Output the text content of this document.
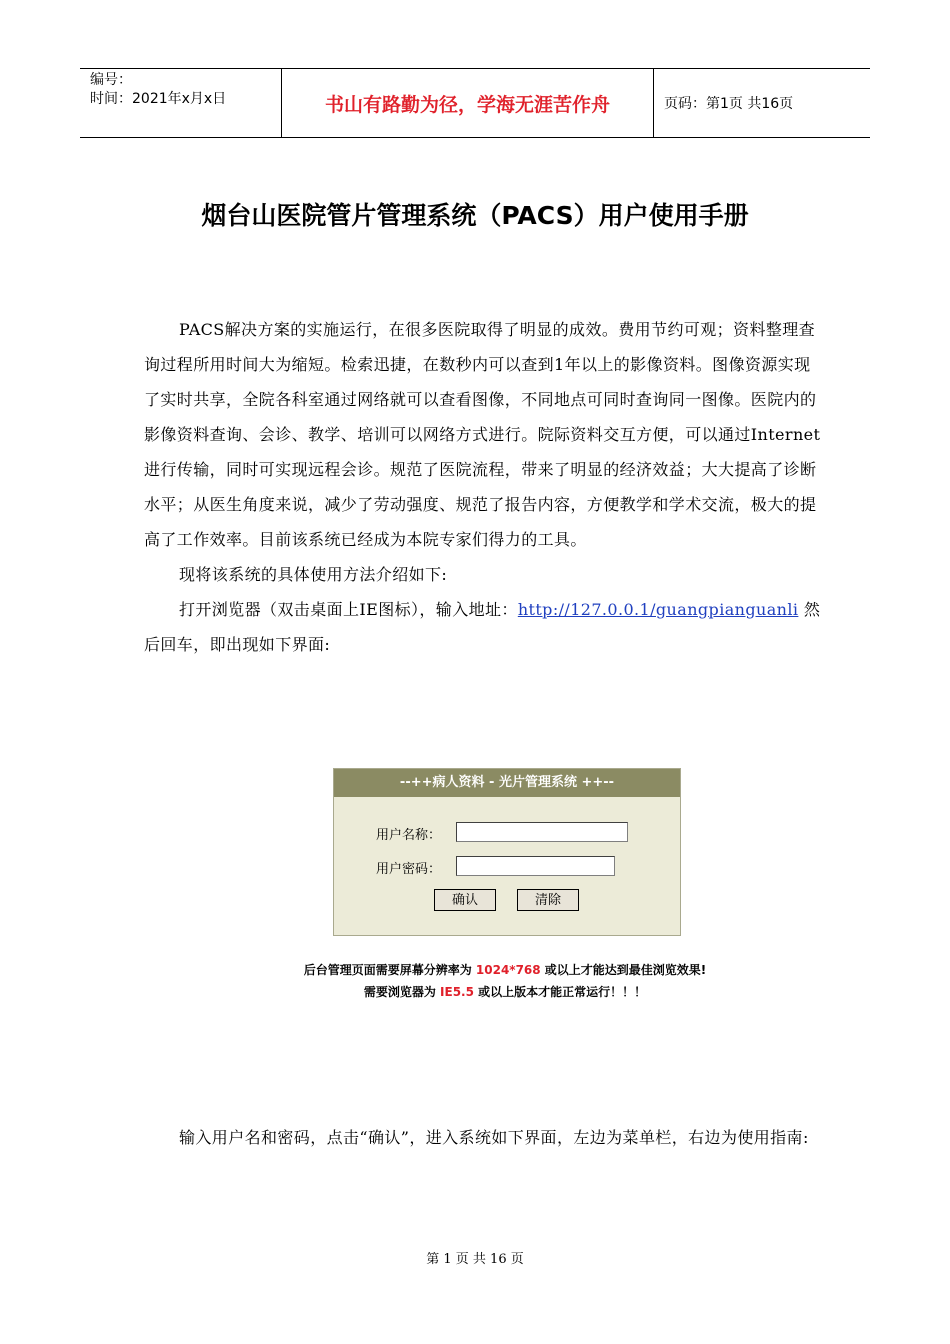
编号：
时间：2021年x月x日	书山有路勤为径，学海无涯苦作舟	页码：第1页 共16页
烟台山医院管片管理系统（PACS）用户使用手册

PACS解决方案的实施运行，在很多医院取得了明显的成效。费用节约可观；资料整理查询过程所用时间大为缩短。检索迅捷，在数秒内可以查到1年以上的影像资料。图像资源实现了实时共享，全院各科室通过网络就可以查看图像，不同地点可同时查询同一图像。医院内的影像资料查询、会诊、教学、培训可以网络方式进行。院际资料交互方便，可以通过Internet进行传输，同时可实现远程会诊。规范了医院流程，带来了明显的经济效益；大大提高了诊断水平；从医生角度来说，减少了劳动强度、规范了报告内容，方便教学和学术交流，极大的提高了工作效率。目前该系统已经成为本院专家们得力的工具。

现将该系统的具体使用方法介绍如下:

打开浏览器（双击桌面上IE图标），输入地址：http://127.0.0.1/guangpianguanli 然后回车，即出现如下界面:

--++病人资料 - 光片管理系统 ++--
用户名称：
用户密码：
确认	清除
后台管理页面需要屏幕分辨率为 1024*768 或以上才能达到最佳浏览效果!
需要浏览器为 IE5.5 或以上版本才能正常运行！！！

输入用户名和密码，点击“确认”，进入系统如下界面，左边为菜单栏，右边为使用指南:

第 1 页 共 16 页
